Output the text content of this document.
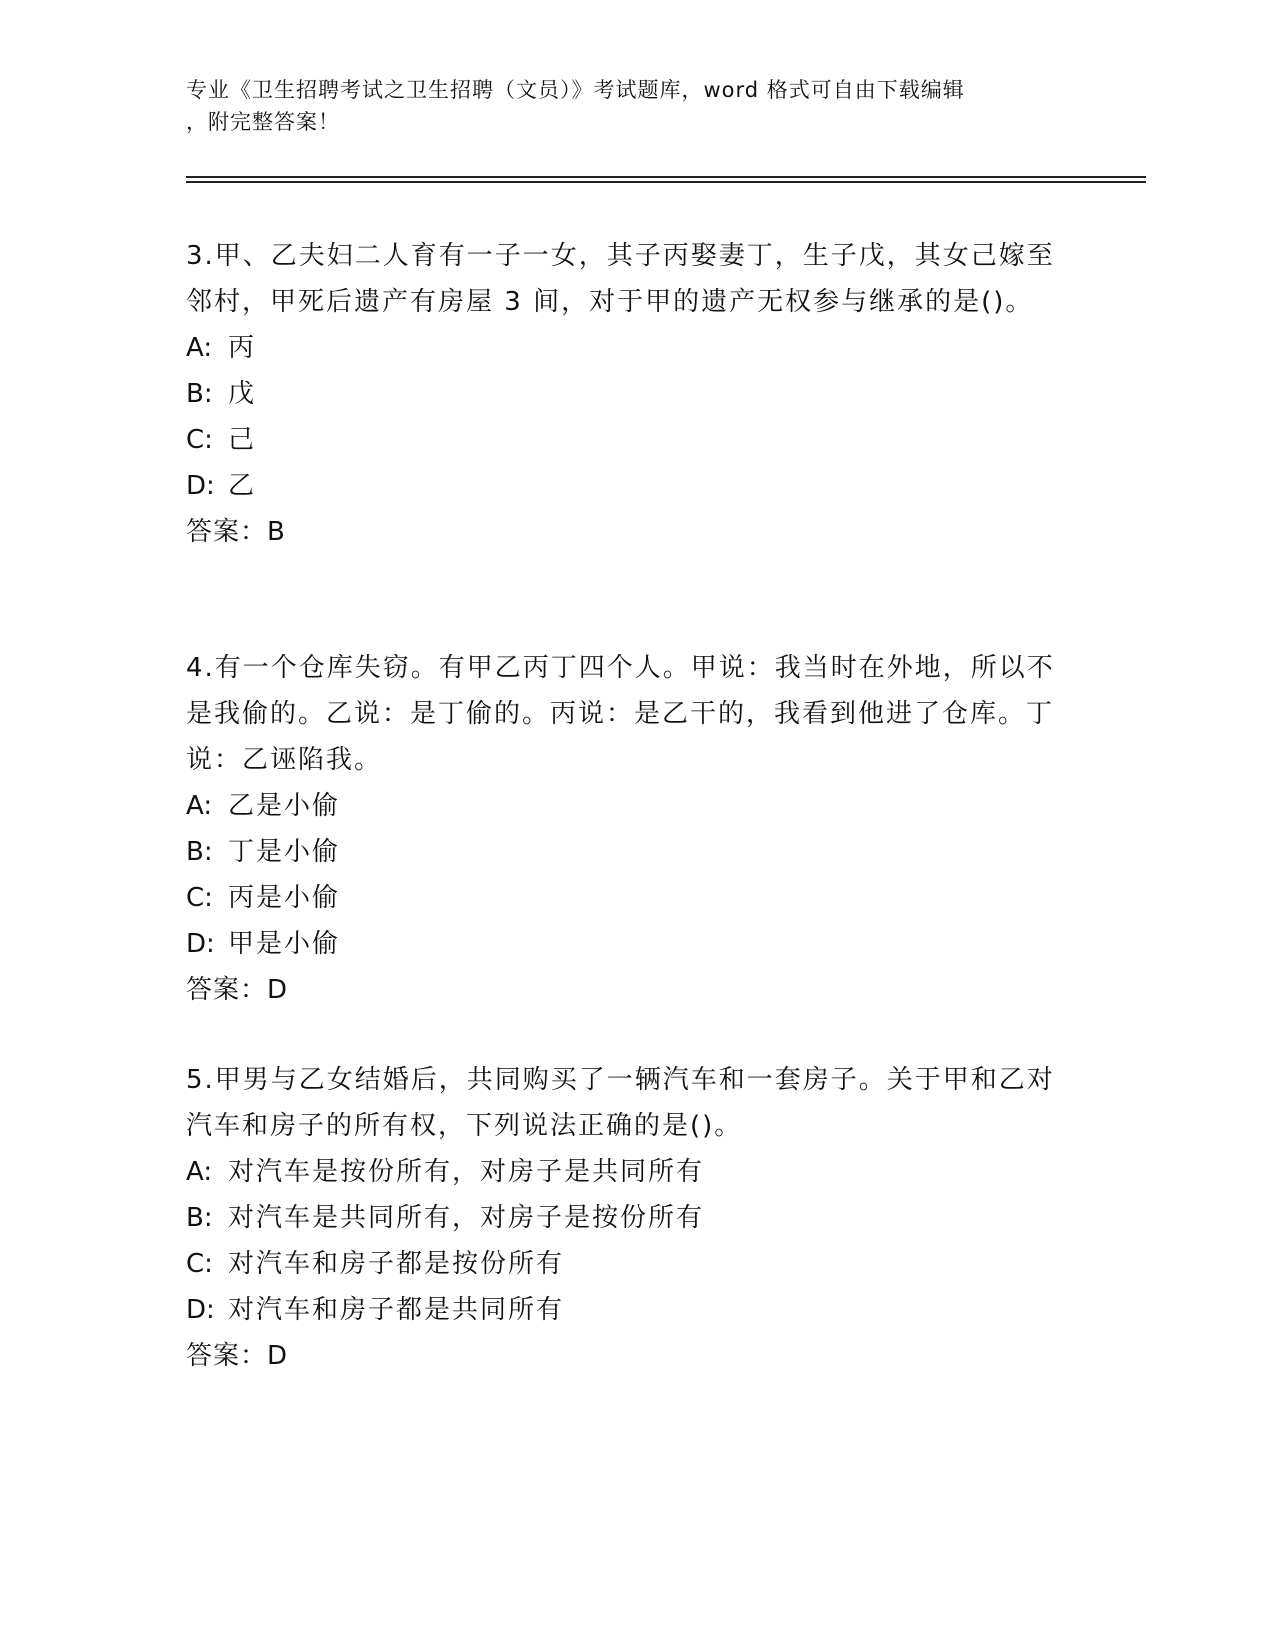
专业《卫生招聘考试之卫生招聘（文员）》考试题库，word 格式可自由下载编辑

，附完整答案！

3.甲、乙夫妇二人育有一子一女，其子丙娶妻丁，生子戊，其女己嫁至邻村，甲死后遗产有房屋 3 间，对于甲的遗产无权参与继承的是()。

A: 丙

B: 戊

C: 己

D: 乙

答案：B

4.有一个仓库失窃。有甲乙丙丁四个人。甲说：我当时在外地，所以不是我偷的。乙说：是丁偷的。丙说：是乙干的，我看到他进了仓库。丁说：乙诬陷我。

A: 乙是小偷

B: 丁是小偷

C: 丙是小偷

D: 甲是小偷

答案：D

5.甲男与乙女结婚后，共同购买了一辆汽车和一套房子。关于甲和乙对汽车和房子的所有权，下列说法正确的是()。

A: 对汽车是按份所有，对房子是共同所有

B: 对汽车是共同所有，对房子是按份所有

C: 对汽车和房子都是按份所有

D: 对汽车和房子都是共同所有

答案：D
